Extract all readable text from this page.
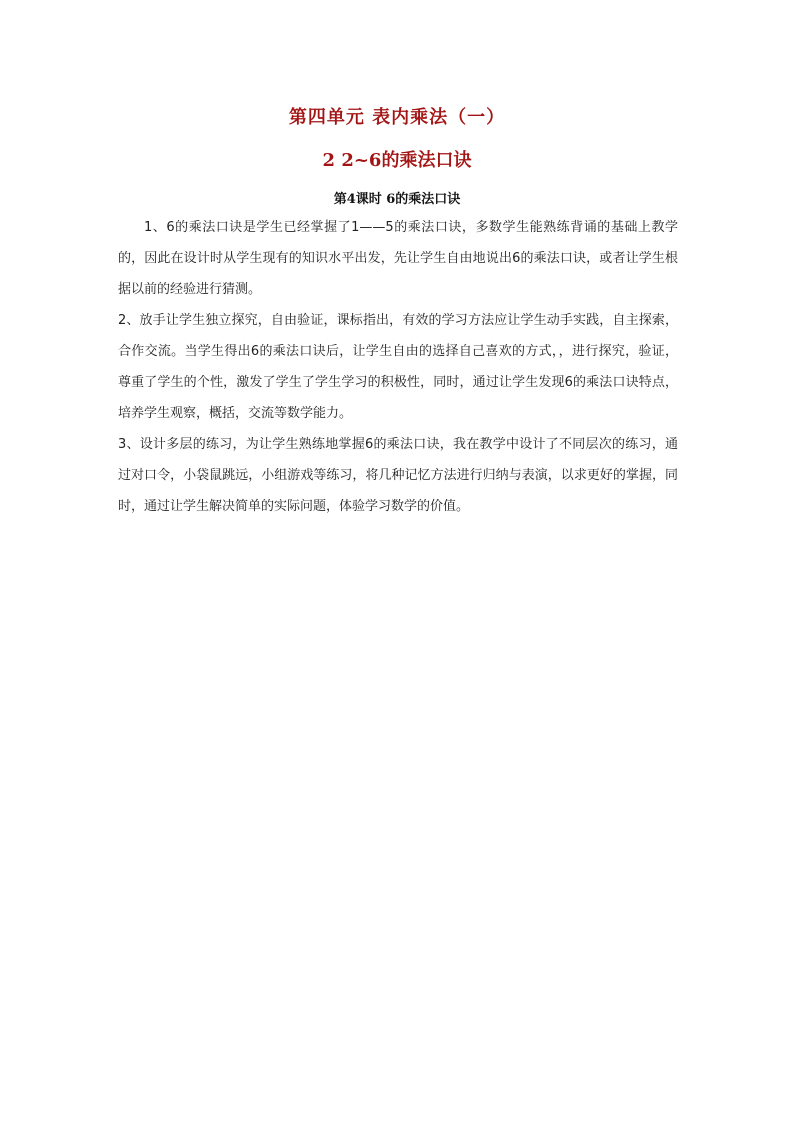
第四单元 表内乘法（一）
2 2~6的乘法口诀
第4课时 6的乘法口诀

1、6的乘法口诀是学生已经掌握了1——5的乘法口诀，多数学生能熟练背诵的基础上教学的，因此在设计时从学生现有的知识水平出发，先让学生自由地说出6的乘法口诀，或者让学生根据以前的经验进行猜测。

2、放手让学生独立探究，自由验证，课标指出，有效的学习方法应让学生动手实践，自主探索，合作交流。当学生得出6的乘法口诀后，让学生自由的选择自己喜欢的方式，，进行探究，验证，尊重了学生的个性，激发了学生了学生学习的积极性，同时，通过让学生发现6的乘法口诀特点，培养学生观察，概括，交流等数学能力。

3、设计多层的练习，为让学生熟练地掌握6的乘法口诀，我在教学中设计了不同层次的练习，通过对口令，小袋鼠跳远，小组游戏等练习，将几种记忆方法进行归纳与表演，以求更好的掌握，同时，通过让学生解决简单的实际问题，体验学习数学的价值。
